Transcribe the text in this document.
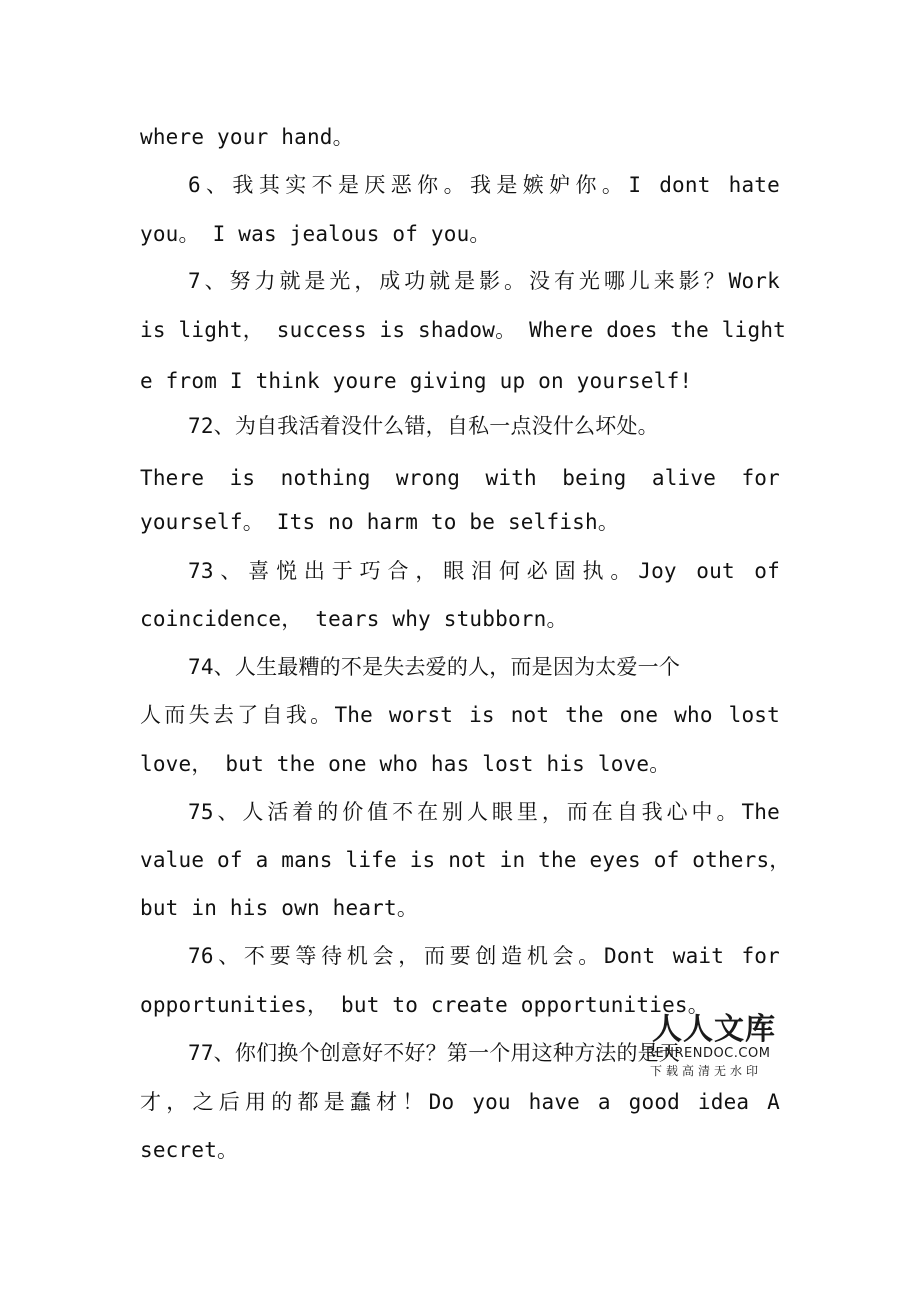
where your hand。
6、我其实不是厌恶你。我是嫉妒你。I dont hate
you。 I was jealous of you。
7、努力就是光，成功就是影。没有光哪儿来影？Work
is light， success is shadow。 Where does the light
e from I think youre giving up on yourself!
72、为自我活着没什么错，自私一点没什么坏处。
There is nothing wrong with being alive for
yourself。 Its no harm to be selfish。
73、喜悦出于巧合，眼泪何必固执。Joy out of
coincidence， tears why stubborn。
74、人生最糟的不是失去爱的人，而是因为太爱一个
人而失去了自我。The worst is not the one who lost
love， but the one who has lost his love。
75、人活着的价值不在别人眼里，而在自我心中。The
value of a mans life is not in the eyes of others，
but in his own heart。
76、不要等待机会，而要创造机会。Dont wait for
opportunities， but to create opportunities。
77、你们换个创意好不好？第一个用这种方法的是天
才，之后用的都是蠢材！Do you have a good idea A
secret。
人人文库
RENRENDOC.COM
下载高清无水印
